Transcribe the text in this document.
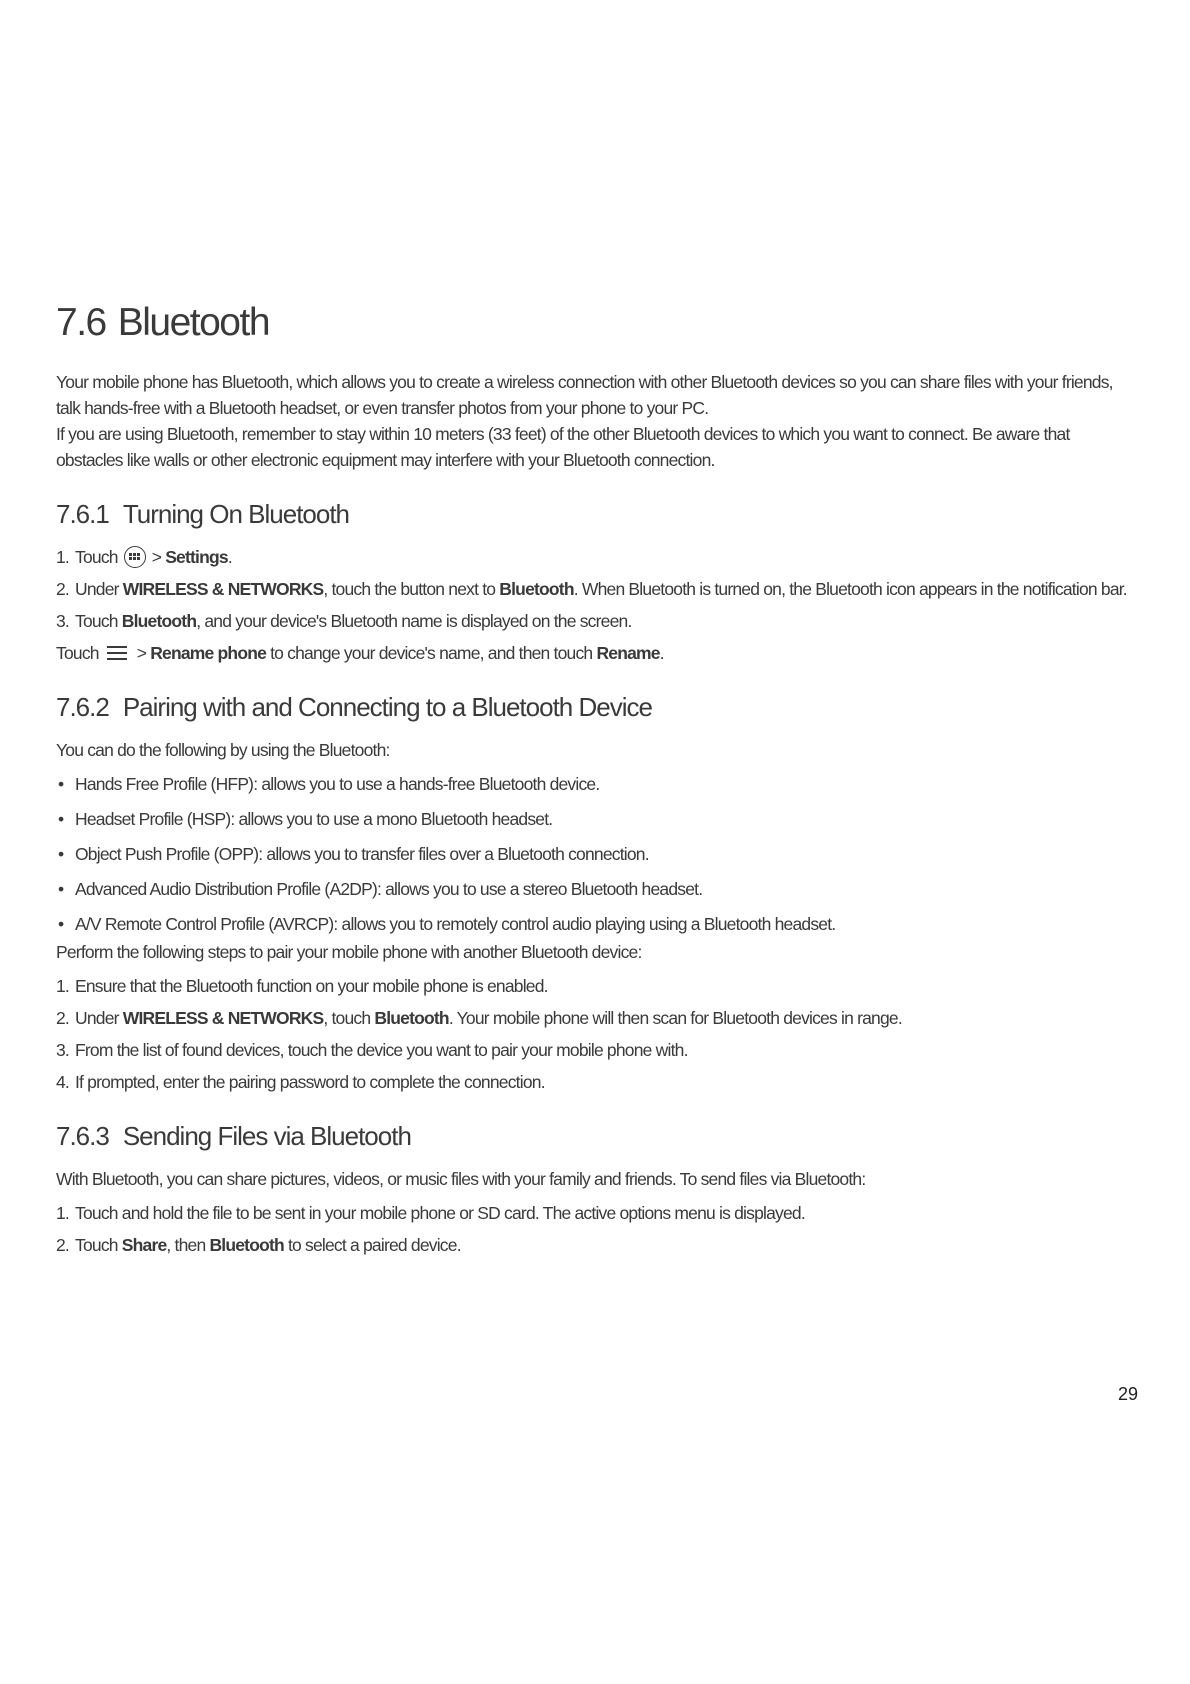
7.6 Bluetooth

Your mobile phone has Bluetooth, which allows you to create a wireless connection with other Bluetooth devices so you can share files with your friends, talk hands-free with a Bluetooth headset, or even transfer photos from your phone to your PC.

If you are using Bluetooth, remember to stay within 10 meters (33 feet) of the other Bluetooth devices to which you want to connect. Be aware that obstacles like walls or other electronic equipment may interfere with your Bluetooth connection.

7.6.1 Turning On Bluetooth
1. Touch > Settings.
2. Under WIRELESS & NETWORKS, touch the button next to Bluetooth. When Bluetooth is turned on, the Bluetooth icon appears in the notification bar.
3. Touch Bluetooth, and your device's Bluetooth name is displayed on the screen.

Touch > Rename phone to change your device's name, and then touch Rename.

7.6.2 Pairing with and Connecting to a Bluetooth Device

You can do the following by using the Bluetooth:

• Hands Free Profile (HFP): allows you to use a hands-free Bluetooth device.
• Headset Profile (HSP): allows you to use a mono Bluetooth headset.
• Object Push Profile (OPP): allows you to transfer files over a Bluetooth connection.
• Advanced Audio Distribution Profile (A2DP): allows you to use a stereo Bluetooth headset.
• A/V Remote Control Profile (AVRCP): allows you to remotely control audio playing using a Bluetooth headset.

Perform the following steps to pair your mobile phone with another Bluetooth device:

1. Ensure that the Bluetooth function on your mobile phone is enabled.
2. Under WIRELESS & NETWORKS, touch Bluetooth. Your mobile phone will then scan for Bluetooth devices in range.
3. From the list of found devices, touch the device you want to pair your mobile phone with.
4. If prompted, enter the pairing password to complete the connection.
7.6.3 Sending Files via Bluetooth

With Bluetooth, you can share pictures, videos, or music files with your family and friends. To send files via Bluetooth:

1. Touch and hold the file to be sent in your mobile phone or SD card. The active options menu is displayed.
2. Touch Share, then Bluetooth to select a paired device.
29
